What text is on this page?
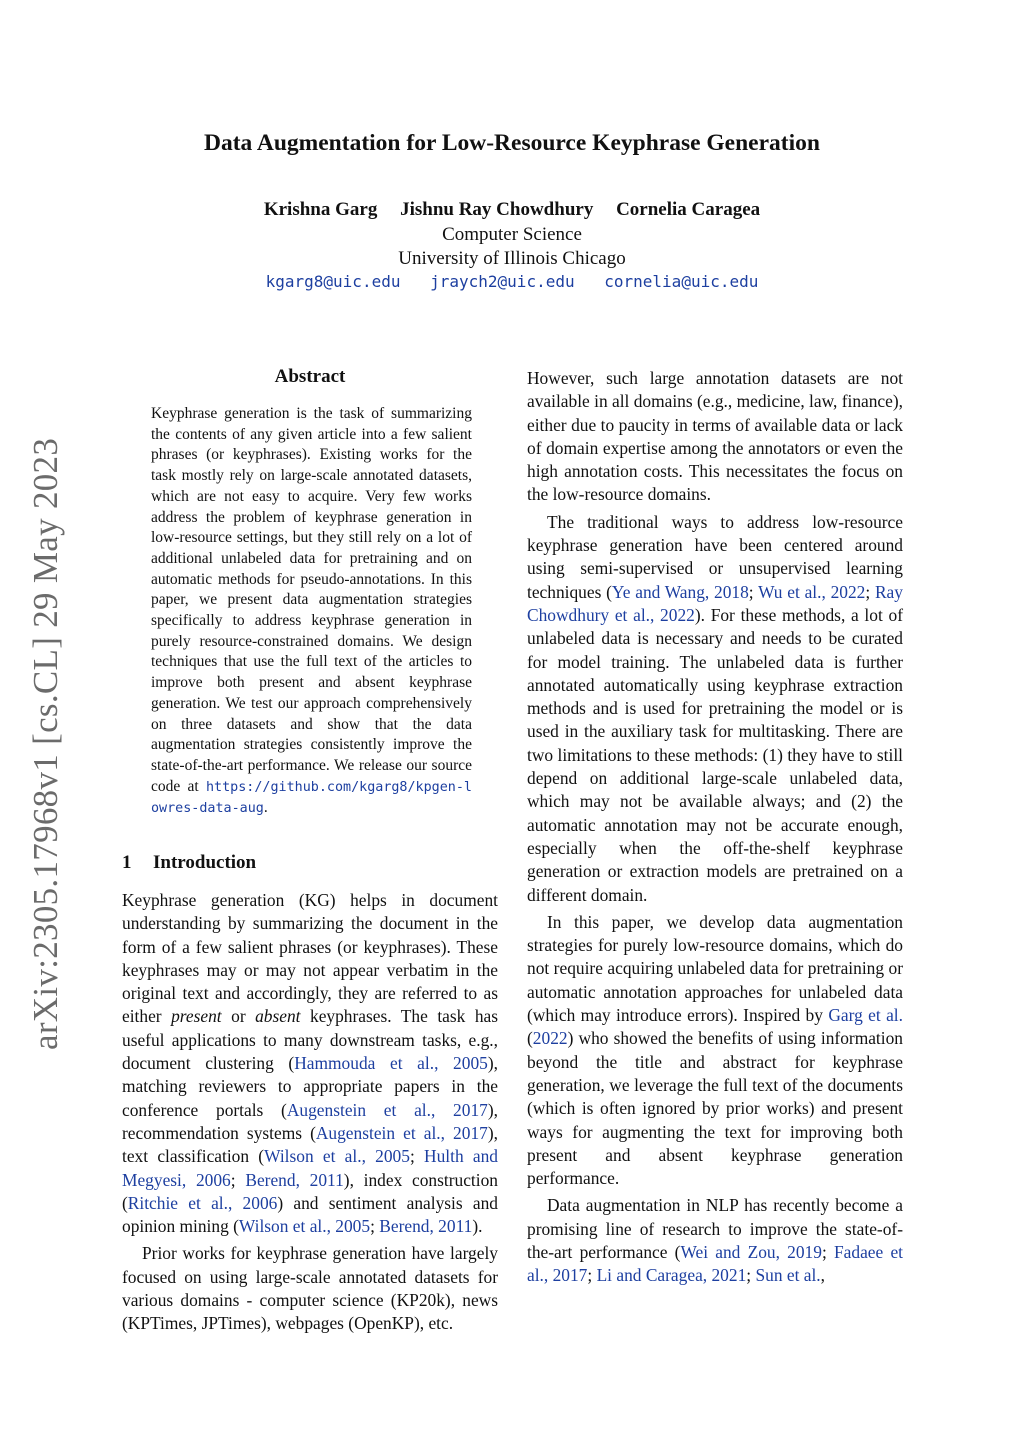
arXiv:2305.17968v1 [cs.CL] 29 May 2023
Data Augmentation for Low-Resource Keyphrase Generation
Krishna Garg Jishnu Ray Chowdhury Cornelia Caragea
Computer Science
University of Illinois Chicago
kgarg8@uic.edu jraych2@uic.edu cornelia@uic.edu
Abstract
Keyphrase generation is the task of summarizing the contents of any given article into a few salient phrases (or keyphrases). Existing works for the task mostly rely on large-scale annotated datasets, which are not easy to acquire. Very few works address the problem of keyphrase generation in low-resource settings, but they still rely on a lot of additional unlabeled data for pretraining and on automatic methods for pseudo-annotations. In this paper, we present data augmentation strategies specifically to address keyphrase generation in purely resource-constrained domains. We design techniques that use the full text of the articles to improve both present and absent keyphrase generation. We test our approach comprehensively on three datasets and show that the data augmentation strategies consistently improve the state-of-the-art performance. We release our source code at https://github.com/kgarg8/kpgen-lowres-data-aug.
1 Introduction

Keyphrase generation (KG) helps in document understanding by summarizing the document in the form of a few salient phrases (or keyphrases). These keyphrases may or may not appear verbatim in the original text and accordingly, they are referred to as either present or absent keyphrases. The task has useful applications to many downstream tasks, e.g., document clustering (Hammouda et al., 2005), matching reviewers to appropriate papers in the conference portals (Augenstein et al., 2017), recommendation systems (Augenstein et al., 2017), text classification (Wilson et al., 2005; Hulth and Megyesi, 2006; Berend, 2011), index construction (Ritchie et al., 2006) and sentiment analysis and opinion mining (Wilson et al., 2005; Berend, 2011).

Prior works for keyphrase generation have largely focused on using large-scale annotated datasets for various domains - computer science (KP20k), news (KPTimes, JPTimes), webpages (OpenKP), etc.

However, such large annotation datasets are not available in all domains (e.g., medicine, law, finance), either due to paucity in terms of available data or lack of domain expertise among the annotators or even the high annotation costs. This necessitates the focus on the low-resource domains.

The traditional ways to address low-resource keyphrase generation have been centered around using semi-supervised or unsupervised learning techniques (Ye and Wang, 2018; Wu et al., 2022; Ray Chowdhury et al., 2022). For these methods, a lot of unlabeled data is necessary and needs to be curated for model training. The unlabeled data is further annotated automatically using keyphrase extraction methods and is used for pretraining the model or is used in the auxiliary task for multitasking. There are two limitations to these methods: (1) they have to still depend on additional large-scale unlabeled data, which may not be available always; and (2) the automatic annotation may not be accurate enough, especially when the off-the-shelf keyphrase generation or extraction models are pretrained on a different domain.

In this paper, we develop data augmentation strategies for purely low-resource domains, which do not require acquiring unlabeled data for pretraining or automatic annotation approaches for unlabeled data (which may introduce errors). Inspired by Garg et al. (2022) who showed the benefits of using information beyond the title and abstract for keyphrase generation, we leverage the full text of the documents (which is often ignored by prior works) and present ways for augmenting the text for improving both present and absent keyphrase generation performance.

Data augmentation in NLP has recently become a promising line of research to improve the state-of-the-art performance (Wei and Zou, 2019; Fadaee et al., 2017; Li and Caragea, 2021; Sun et al.,
